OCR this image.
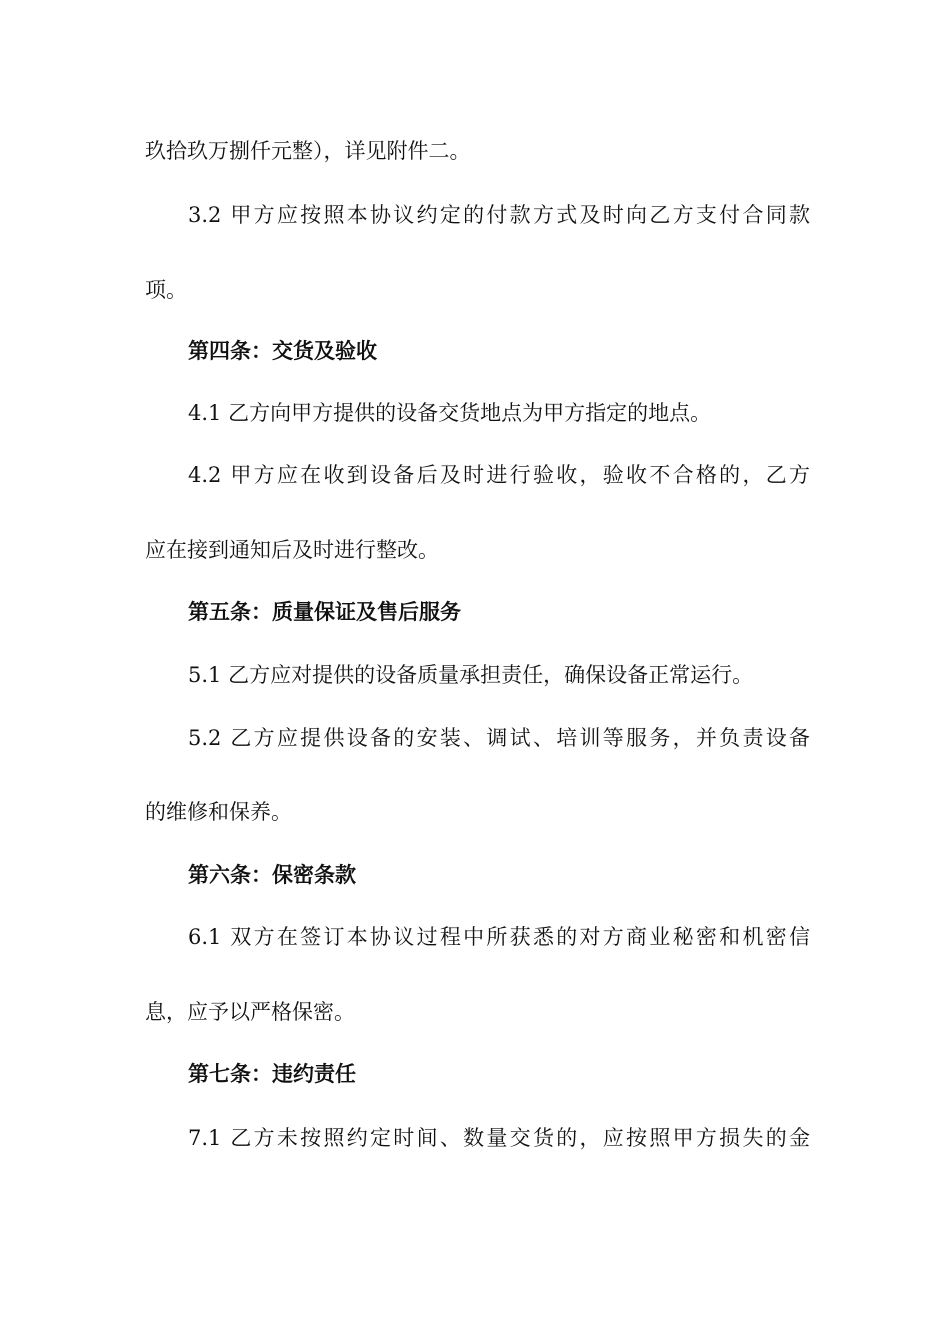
玖拾玖万捌仟元整），详见附件二。
3.2 甲方应按照本协议约定的付款方式及时向乙方支付合同款
项。
第四条：交货及验收
4.1 乙方向甲方提供的设备交货地点为甲方指定的地点。
4.2 甲方应在收到设备后及时进行验收，验收不合格的，乙方
应在接到通知后及时进行整改。
第五条：质量保证及售后服务
5.1 乙方应对提供的设备质量承担责任，确保设备正常运行。
5.2 乙方应提供设备的安装、调试、培训等服务，并负责设备
的维修和保养。
第六条：保密条款
6.1 双方在签订本协议过程中所获悉的对方商业秘密和机密信
息，应予以严格保密。
第七条：违约责任
7.1 乙方未按照约定时间、数量交货的，应按照甲方损失的金
